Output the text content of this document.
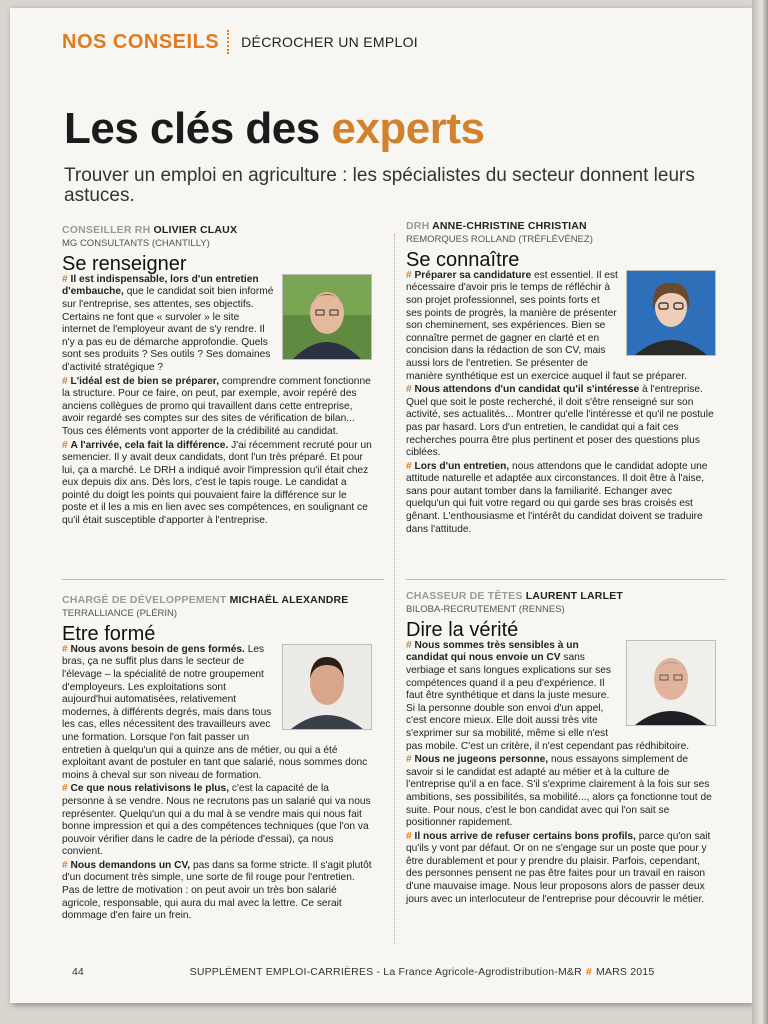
NOS CONSEILS DÉCROCHER UN EMPLOI
Les clés des experts
Trouver un emploi en agriculture : les spécialistes du secteur donnent leurs astuces.
CONSEILLER RH OLIVIER CLAUX
MG CONSULTANTS (CHANTILLY)
Se renseigner

# Il est indispensable, lors d'un entretien d'embauche, que le candidat soit bien informé sur l'entreprise, ses attentes, ses objectifs. Certains ne font que « survoler » le site internet de l'employeur avant de s'y rendre. Il n'y a pas eu de démarche approfondie. Quels sont ses produits ? Ses outils ? Ses domaines d'activité stratégique ?

# L'idéal est de bien se préparer, comprendre comment fonctionne la structure. Pour ce faire, on peut, par exemple, avoir repéré des anciens collègues de promo qui travaillent dans cette entreprise, avoir regardé ses comptes sur des sites de vérification de bilan... Tous ces éléments vont apporter de la crédibilité au candidat.

# A l'arrivée, cela fait la différence. J'ai récemment recruté pour un semencier. Il y avait deux candidats, dont l'un très préparé. Et pour lui, ça a marché. Le DRH a indiqué avoir l'impression qu'il était chez eux depuis dix ans. Dès lors, c'est le tapis rouge. Le candidat a pointé du doigt les points qui pouvaient faire la différence sur le poste et il les a mis en lien avec ses compétences, en soulignant ce qu'il était susceptible d'apporter à l'entreprise.

DRH ANNE-CHRISTINE CHRISTIAN
REMORQUES ROLLAND (TRÉFLÉVÉNEZ)
Se connaître

# Préparer sa candidature est essentiel. Il est nécessaire d'avoir pris le temps de réfléchir à son projet professionnel, ses points forts et ses points de progrès, la manière de présenter son cheminement, ses expériences. Bien se connaître permet de gagner en clarté et en concision dans la rédaction de son CV, mais aussi lors de l'entretien. Se présenter de manière synthétique est un exercice auquel il faut se préparer.

# Nous attendons d'un candidat qu'il s'intéresse à l'entreprise. Quel que soit le poste recherché, il doit s'être renseigné sur son activité, ses actualités... Montrer qu'elle l'intéresse et qu'il ne postule pas par hasard. Lors d'un entretien, le candidat qui a fait ces recherches pourra être plus pertinent et poser des questions plus ciblées.

# Lors d'un entretien, nous attendons que le candidat adopte une attitude naturelle et adaptée aux circonstances. Il doit être à l'aise, sans pour autant tomber dans la familiarité. Echanger avec quelqu'un qui fuit votre regard ou qui garde ses bras croisés est gênant. L'enthousiasme et l'intérêt du candidat doivent se traduire dans l'attitude.

CHARGÉ DE DÉVELOPPEMENT MICHAËL ALEXANDRE
TERRALLIANCE (PLÉRIN)
Etre formé

# Nous avons besoin de gens formés. Les bras, ça ne suffit plus dans le secteur de l'élevage – la spécialité de notre groupement d'employeurs. Les exploitations sont aujourd'hui automatisées, relativement modernes, à différents degrés, mais dans tous les cas, elles nécessitent des travailleurs avec une formation. Lorsque l'on fait passer un entretien à quelqu'un qui a quinze ans de métier, ou qui a été exploitant avant de postuler en tant que salarié, nous sommes donc moins à cheval sur son niveau de formation.

# Ce que nous relativisons le plus, c'est la capacité de la personne à se vendre. Nous ne recrutons pas un salarié qui va nous représenter. Quelqu'un qui a du mal à se vendre mais qui nous fait bonne impression et qui a des compétences techniques (que l'on va pouvoir vérifier dans le cadre de la période d'essai), ça nous convient.

# Nous demandons un CV, pas dans sa forme stricte. Il s'agit plutôt d'un document très simple, une sorte de fil rouge pour l'entretien. Pas de lettre de motivation : on peut avoir un très bon salarié agricole, responsable, qui aura du mal avec la lettre. Ce serait dommage d'en faire un frein.

CHASSEUR DE TÊTES LAURENT LARLET
BILOBA-RECRUTEMENT (RENNES)
Dire la vérité

# Nous sommes très sensibles à un candidat qui nous envoie un CV sans verbiage et sans longues explications sur ses compétences quand il a peu d'expérience. Il faut être synthétique et dans la juste mesure. Si la personne double son envoi d'un appel, c'est encore mieux. Elle doit aussi très vite s'exprimer sur sa mobilité, même si elle n'est pas mobile. C'est un critère, il n'est cependant pas rédhibitoire.

# Nous ne jugeons personne, nous essayons simplement de savoir si le candidat est adapté au métier et à la culture de l'entreprise qu'il a en face. S'il s'exprime clairement à la fois sur ses ambitions, ses possibilités, sa mobilité..., alors ça fonctionne tout de suite. Pour nous, c'est le bon candidat avec qui l'on sait se positionner rapidement.

# Il nous arrive de refuser certains bons profils, parce qu'on sait qu'ils y vont par défaut. Or on ne s'engage sur un poste que pour y être durablement et pour y prendre du plaisir. Parfois, cependant, des personnes pensent ne pas être faites pour un travail en raison d'une mauvaise image. Nous leur proposons alors de passer deux jours avec un interlocuteur de l'entreprise pour découvrir le métier.

44	SUPPLÉMENT EMPLOI-CARRIÈRES - La France Agricole-Agrodistribution-M&R # MARS 2015
